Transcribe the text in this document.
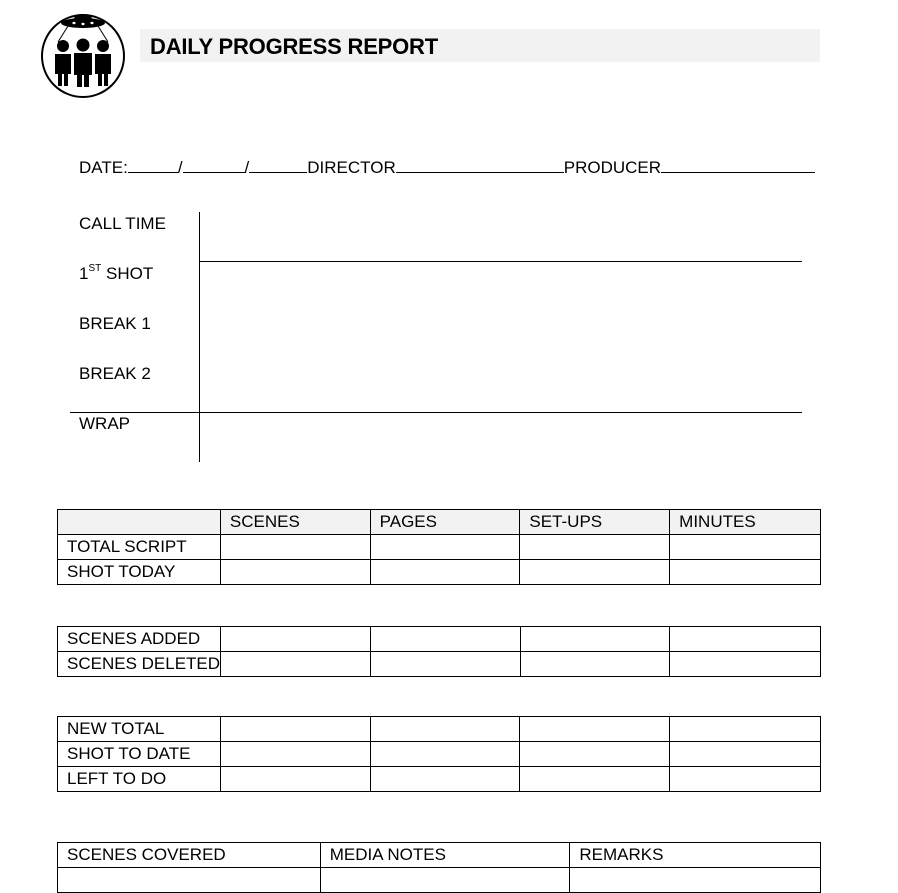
DAILY PROGRESS REPORT
DATE:	/	/	DIRECTOR	PRODUCER
CALL TIME
1ST SHOT
BREAK 1
BREAK 2
WRAP
	SCENES	PAGES	SET-UPS	MINUTES
TOTAL SCRIPT				
SHOT TODAY				
SCENES ADDED				
SCENES DELETED				
NEW TOTAL				
SHOT TO DATE				
LEFT TO DO				
SCENES COVERED	MEDIA NOTES	REMARKS
